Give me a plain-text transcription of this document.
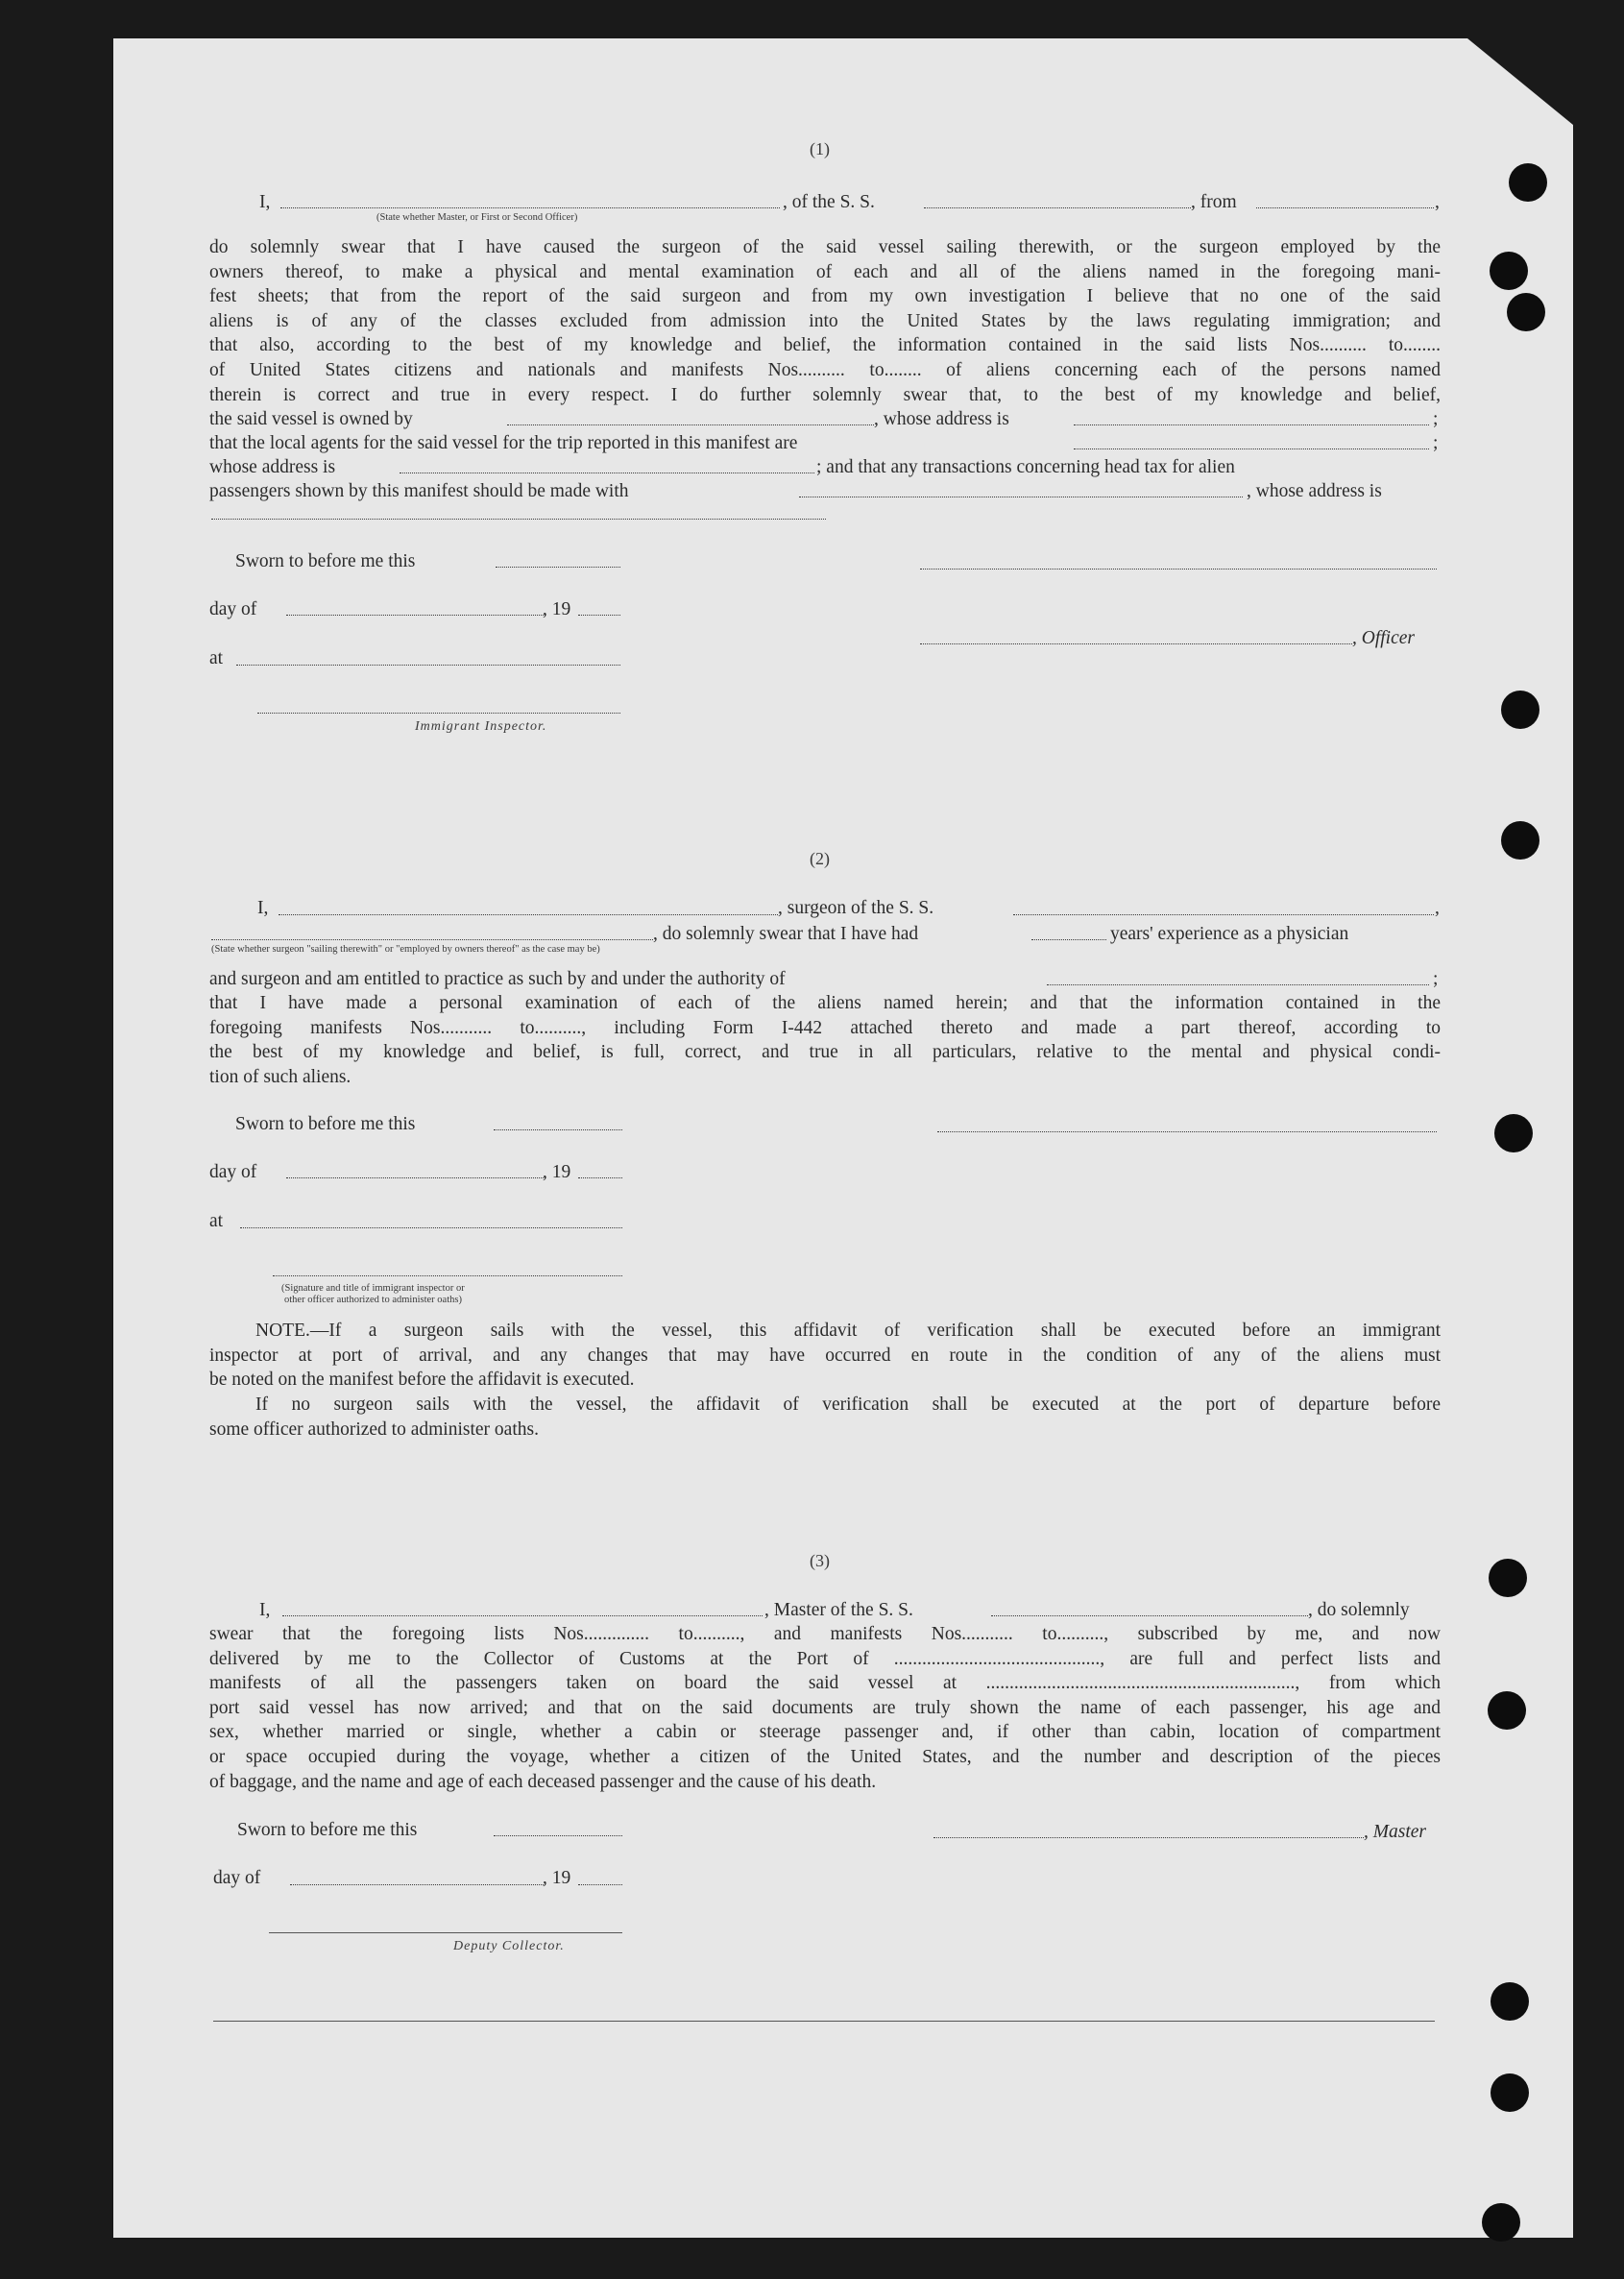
(1)
I,	, of the S. S.	, from	,
(State whether Master, or First or Second Officer)
do solemnly swear that I have caused the surgeon of the said vessel sailing therewith, or the surgeon employed by the
owners thereof, to make a physical and mental examination of each and all of the aliens named in the foregoing mani-
fest sheets; that from the report of the said surgeon and from my own investigation I believe that no one of the said
aliens is of any of the classes excluded from admission into the United States by the laws regulating immigration; and
that also, according to the best of my knowledge and belief, the information contained in the said lists Nos.......... to........
of United States citizens and nationals and manifests Nos.......... to........ of aliens concerning each of the persons named
therein is correct and true in every respect. I do further solemnly swear that, to the best of my knowledge and belief,
the said vessel is owned by	, whose address is	;
that the local agents for the said vessel for the trip reported in this manifest are	;
whose address is	; and that any transactions concerning head tax for alien
passengers shown by this manifest should be made with	, whose address is
Sworn to before me this
day of	, 19
, Officer
at
Immigrant Inspector.
(2)
I,	, surgeon of the S. S.	,
, do solemnly swear that I have had	years' experience as a physician
(State whether surgeon "sailing therewith" or "employed by owners thereof" as the case may be)
and surgeon and am entitled to practice as such by and under the authority of	;
that I have made a personal examination of each of the aliens named herein; and that the information contained in the
foregoing manifests Nos........... to.........., including Form I-442 attached thereto and made a part thereof, according to
the best of my knowledge and belief, is full, correct, and true in all particulars, relative to the mental and physical condi-
tion of such aliens.
Sworn to before me this
day of	, 19
at
(Signature and title of immigrant inspector or
other officer authorized to administer oaths)
NOTE.—If a surgeon sails with the vessel, this affidavit of verification shall be executed before an immigrant
inspector at port of arrival, and any changes that may have occurred en route in the condition of any of the aliens must
be noted on the manifest before the affidavit is executed.
If no surgeon sails with the vessel, the affidavit of verification shall be executed at the port of departure before
some officer authorized to administer oaths.
(3)
I,	, Master of the S. S.	, do solemnly
swear that the foregoing lists Nos.............. to.........., and manifests Nos........... to.........., subscribed by me, and now
delivered by me to the Collector of Customs at the Port of ............................................, are full and perfect lists and
manifests of all the passengers taken on board the said vessel at .................................................................., from which
port said vessel has now arrived; and that on the said documents are truly shown the name of each passenger, his age and
sex, whether married or single, whether a cabin or steerage passenger and, if other than cabin, location of compartment
or space occupied during the voyage, whether a citizen of the United States, and the number and description of the pieces
of baggage, and the name and age of each deceased passenger and the cause of his death.
Sworn to before me this	, Master
day of	, 19
Deputy Collector.
